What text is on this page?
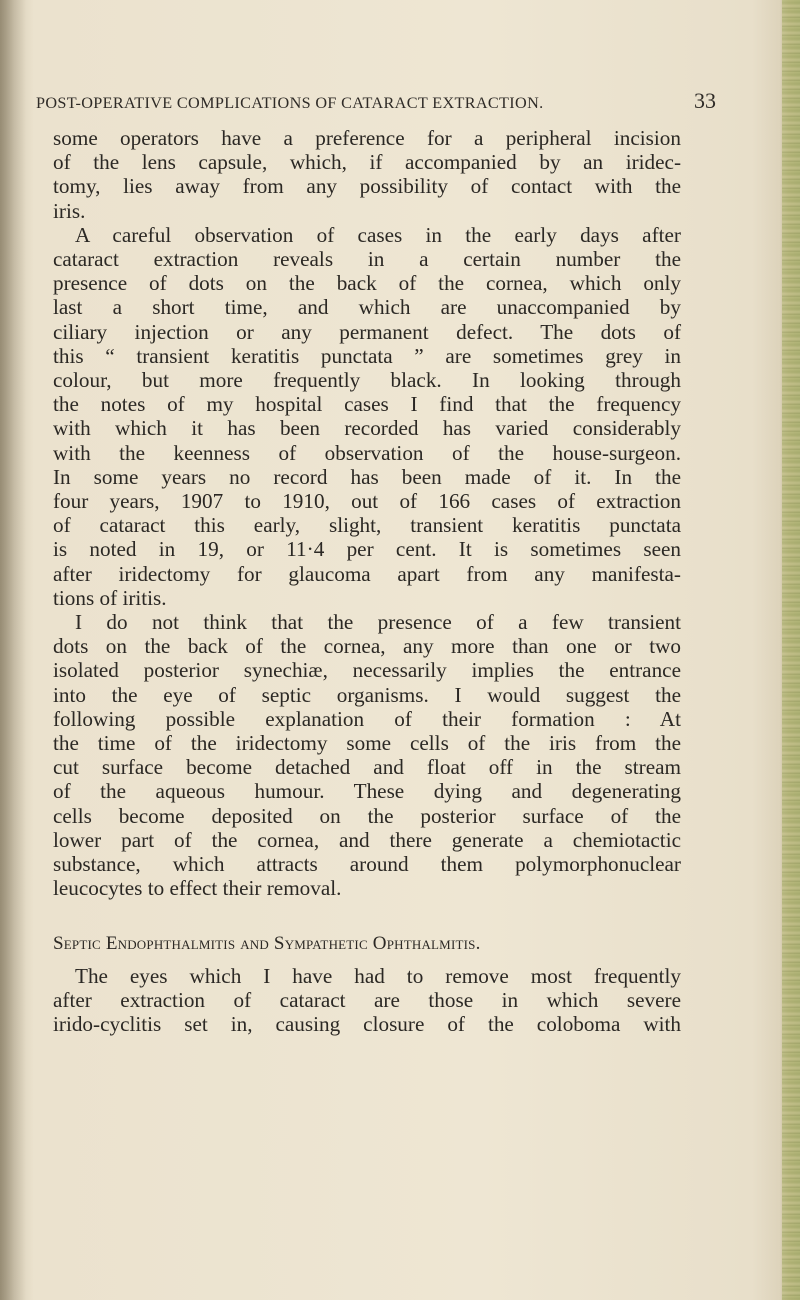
POST-OPERATIVE COMPLICATIONS OF CATARACT EXTRACTION.	33

some operators have a preference for a peripheral incision
of the lens capsule, which, if accompanied by an iridec-
tomy, lies away from any possibility of contact with the
iris.

A careful observation of cases in the early days after
cataract extraction reveals in a certain number the
presence of dots on the back of the cornea, which only
last a short time, and which are unaccompanied by
ciliary injection or any permanent defect. The dots of
this “ transient keratitis punctata ” are sometimes grey in
colour, but more frequently black. In looking through
the notes of my hospital cases I find that the frequency
with which it has been recorded has varied considerably
with the keenness of observation of the house-surgeon.
In some years no record has been made of it. In the
four years, 1907 to 1910, out of 166 cases of extraction
of cataract this early, slight, transient keratitis punctata
is noted in 19, or 11·4 per cent. It is sometimes seen
after iridectomy for glaucoma apart from any manifesta-
tions of iritis.

I do not think that the presence of a few transient
dots on the back of the cornea, any more than one or two
isolated posterior synechiæ, necessarily implies the entrance
into the eye of septic organisms. I would suggest the
following possible explanation of their formation : At
the time of the iridectomy some cells of the iris from the
cut surface become detached and float off in the stream
of the aqueous humour. These dying and degenerating
cells become deposited on the posterior surface of the
lower part of the cornea, and there generate a chemiotactic
substance, which attracts around them polymorphonuclear
leucocytes to effect their removal.

Septic Endophthalmitis and Sympathetic Ophthalmitis.

The eyes which I have had to remove most frequently
after extraction of cataract are those in which severe
irido-cyclitis set in, causing closure of the coloboma with
